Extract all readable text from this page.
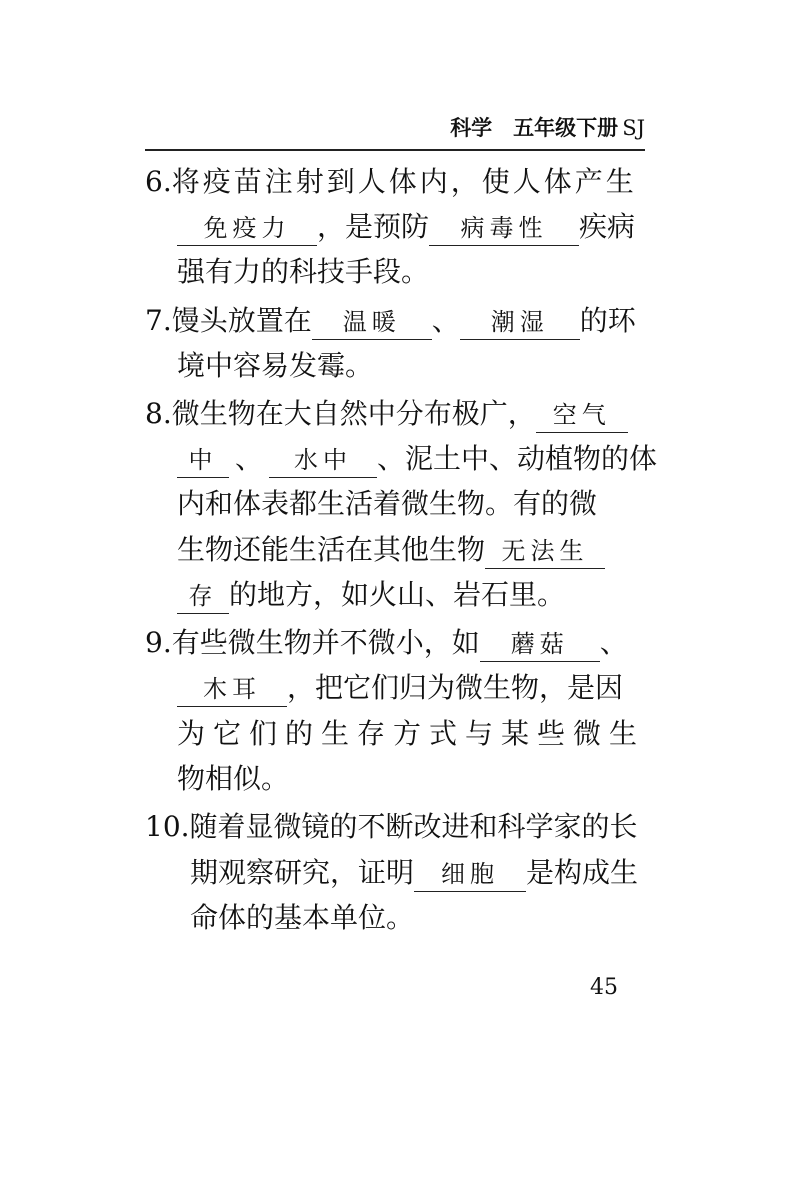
科学　五年级下册 SJ
6.将疫苗注射到人体内，使人体产生
免疫力 ，是预防 病毒性 疾病
强有力的科技手段。
7.馒头放置在 温暖 、 潮湿 的环
境中容易发霉。
8.微生物在大自然中分布极广， 空气
中 、 水中 、泥土中、动植物的体
内和体表都生活着微生物。有的微
生物还能生活在其他生物 无法生
存 的地方，如火山、岩石里。
9.有些微生物并不微小，如 蘑菇 、
木耳 ，把它们归为微生物，是因
为它们的生存方式与某些微生
物相似。
10.随着显微镜的不断改进和科学家的长
期观察研究，证明 细胞 是构成生
命体的基本单位。
45
